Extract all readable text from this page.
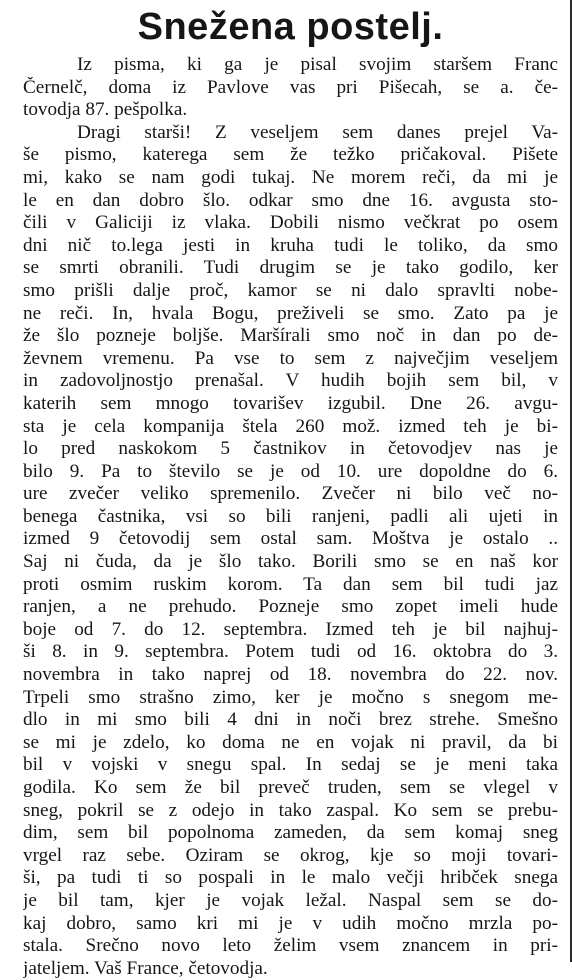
Snežena postelj.

Iz pisma, ki ga je pisal svojim staršem Franc
Černelč, doma iz Pavlove vas pri Pišecah, se a. če-
tovodja 87. pešpolka.

Dragi starši! Z veseljem sem danes prejel Va-
še pismo, katerega sem že težko pričakoval. Pišete
mi, kako se nam godi tukaj. Ne morem reči, da mi je
le en dan dobro šlo. odkar smo dne 16. avgusta sto-
čili v Galiciji iz vlaka. Dobili nismo večkrat po osem
dni nič to.lega jesti in kruha tudi le toliko, da smo
se smrti obranili. Tudi drugim se je tako godilo, ker
smo prišli dalje proč, kamor se ni dalo spravlti nobe-
ne reči. In, hvala Bogu, preživeli se smo. Zato pa je
že šlo pozneje boljše. Maršírali smo noč in dan po de-
ževnem vremenu. Pa vse to sem z največjim veseljem
in zadovoljnostjo prenašal. V hudih bojih sem bil, v
katerih sem mnogo tovarišev izgubil. Dne 26. avgu-
sta je cela kompanija štela 260 mož. izmed teh je bi-
lo pred naskokom 5 častnikov in četovodjev nas je
bilo 9. Pa to število se je od 10. ure dopoldne do 6.
ure zvečer veliko spremenilo. Zvečer ni bilo več no-
benega častnika, vsi so bili ranjeni, padli ali ujeti in
izmed 9 četovodij sem ostal sam. Moštva je ostalo ..
Saj ni čuda, da je šlo tako. Borili smo se en naš kor
proti osmim ruskim korom. Ta dan sem bil tudi jaz
ranjen, a ne prehudo. Pozneje smo zopet imeli hude
boje od 7. do 12. septembra. Izmed teh je bil najhuj-
ši 8. in 9. septembra. Potem tudi od 16. oktobra do 3.
novembra in tako naprej od 18. novembra do 22. nov.
Trpeli smo strašno zimo, ker je močno s snegom me-
dlo in mi smo bili 4 dni in noči brez strehe. Smešno
se mi je zdelo, ko doma ne en vojak ni pravil, da bi
bil v vojski v snegu spal. In sedaj se je meni taka
godila. Ko sem že bil preveč truden, sem se vlegel v
sneg, pokril se z odejo in tako zaspal. Ko sem se prebu-
dim, sem bil popolnoma zameden, da sem komaj sneg
vrgel raz sebe. Oziram se okrog, kje so moji tovari-
ši, pa tudi ti so pospali in le malo večji hribček snega
je bil tam, kjer je vojak ležal. Naspal sem se do-
kaj dobro, samo kri mi je v udih močno mrzla po-
stala. Srečno novo leto želim vsem znancem in pri-
jateljem. Vaš France, četovodja.
